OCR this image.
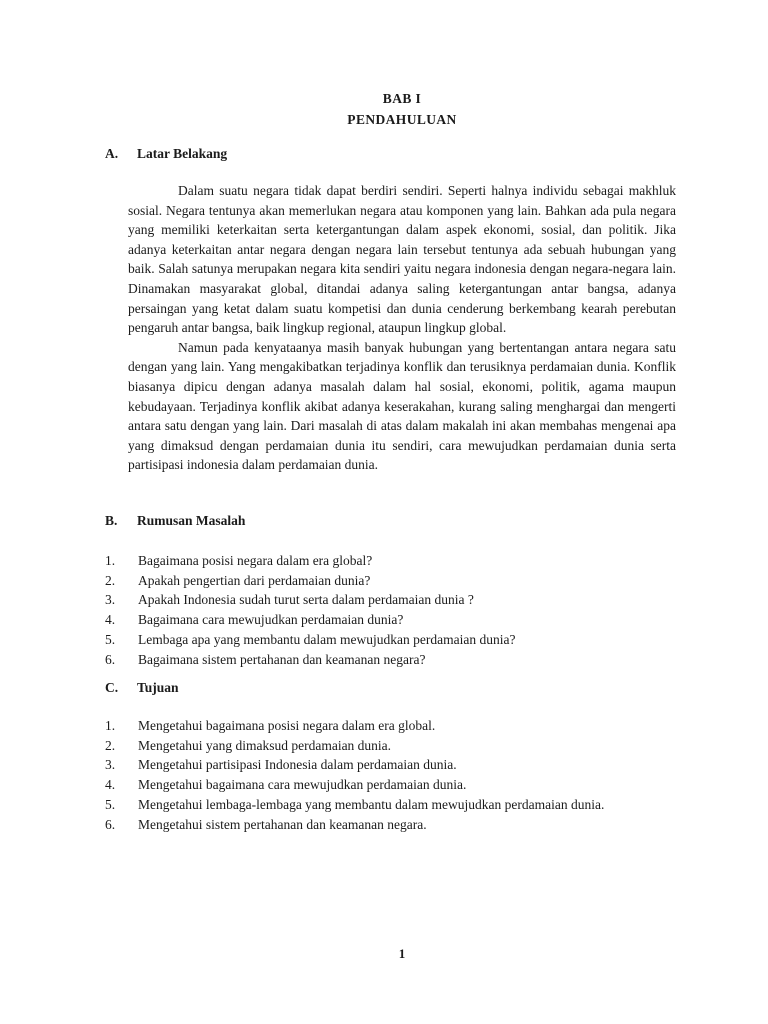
BAB I
PENDAHULUAN
A. Latar Belakang

Dalam suatu negara tidak dapat berdiri sendiri. Seperti halnya individu sebagai makhluk sosial. Negara tentunya akan memerlukan negara atau komponen yang lain. Bahkan ada pula negara yang memiliki keterkaitan serta ketergantungan dalam aspek ekonomi, sosial, dan politik. Jika adanya keterkaitan antar negara dengan negara lain tersebut tentunya ada sebuah hubungan yang baik. Salah satunya merupakan negara kita sendiri yaitu negara indonesia dengan negara-negara lain. Dinamakan masyarakat global, ditandai adanya saling ketergantungan antar bangsa, adanya persaingan yang ketat dalam suatu kompetisi dan dunia cenderung berkembang kearah perebutan pengaruh antar bangsa, baik lingkup regional, ataupun lingkup global.

Namun pada kenyataanya masih banyak hubungan yang bertentangan antara negara satu dengan yang lain. Yang mengakibatkan terjadinya konflik dan terusiknya perdamaian dunia. Konflik biasanya dipicu dengan adanya masalah dalam hal sosial, ekonomi, politik, agama maupun kebudayaan. Terjadinya konflik akibat adanya keserakahan, kurang saling menghargai dan mengerti antara satu dengan yang lain. Dari masalah di atas dalam makalah ini akan membahas mengenai apa yang dimaksud dengan perdamaian dunia itu sendiri, cara mewujudkan perdamaian dunia serta partisipasi indonesia dalam perdamaian dunia.

B. Rumusan Masalah
1.	Bagaimana posisi negara dalam era global?
2.	Apakah pengertian dari perdamaian dunia?
3.	Apakah Indonesia sudah turut serta dalam perdamaian dunia ?
4.	Bagaimana cara mewujudkan perdamaian dunia?
5.	Lembaga apa yang membantu dalam mewujudkan perdamaian dunia?
6.	Bagaimana sistem pertahanan dan keamanan negara?
C. Tujuan
1.	Mengetahui bagaimana posisi negara dalam era global.
2.	Mengetahui yang dimaksud perdamaian dunia.
3.	Mengetahui partisipasi Indonesia dalam perdamaian dunia.
4.	Mengetahui bagaimana cara mewujudkan perdamaian dunia.
5.	Mengetahui lembaga-lembaga yang membantu dalam mewujudkan perdamaian dunia.
6.	Mengetahui sistem pertahanan dan keamanan negara.
1
